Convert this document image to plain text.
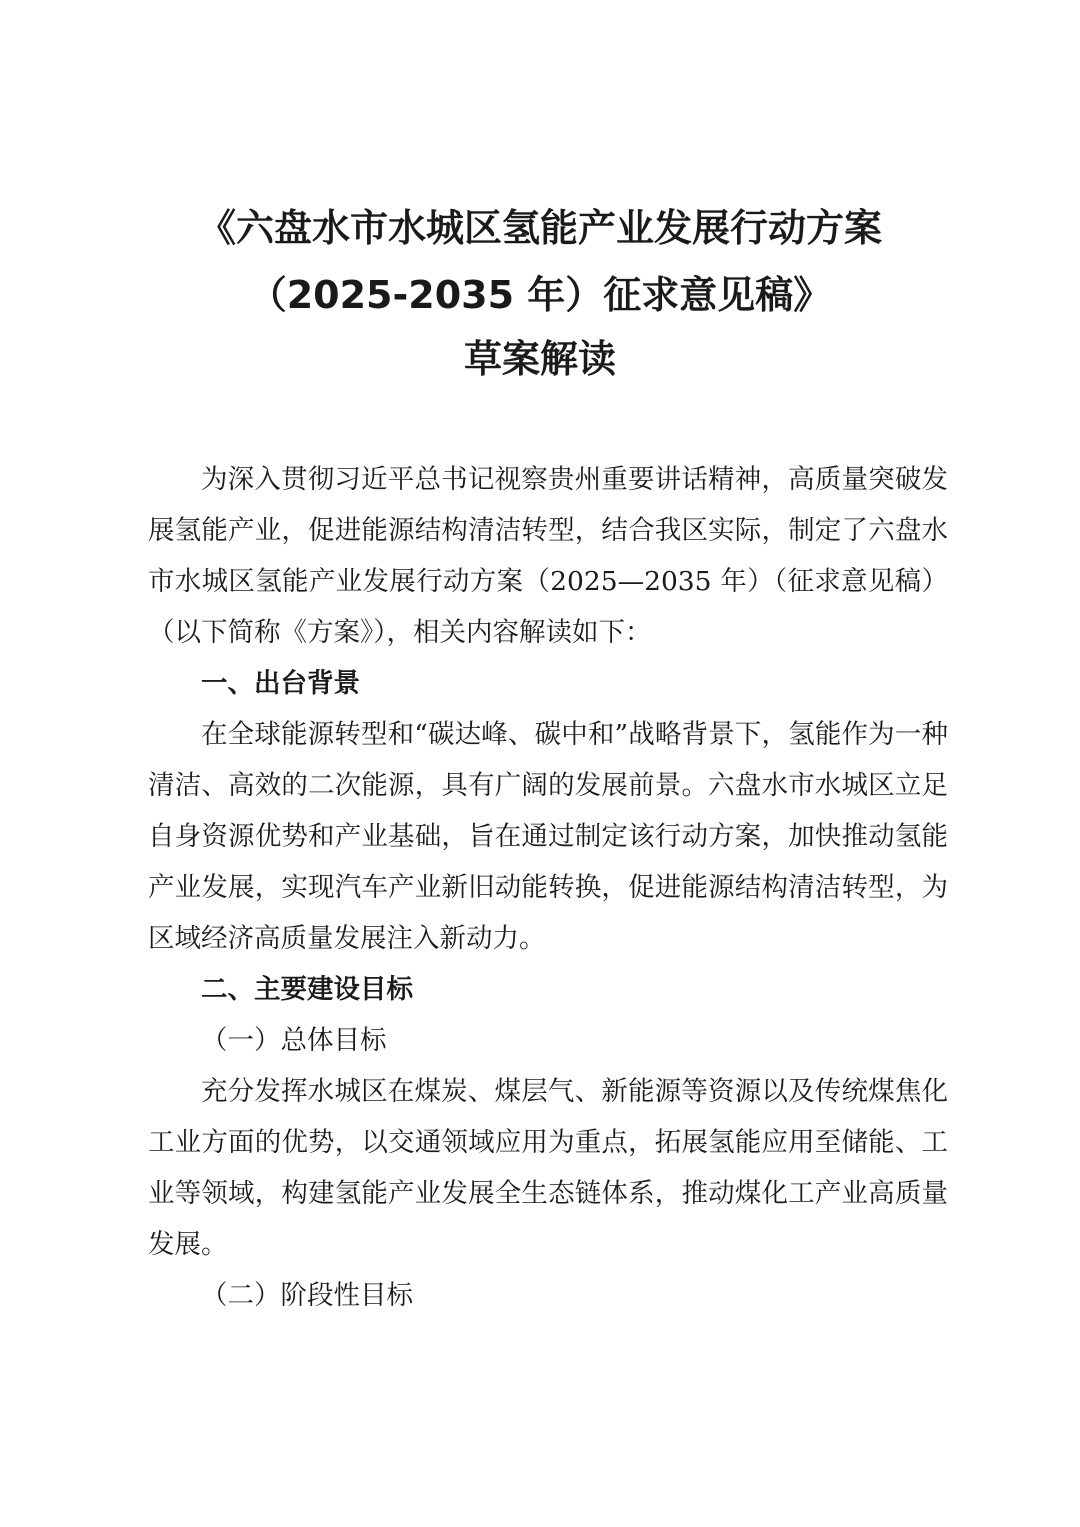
《六盘水市水城区氢能产业发展行动方案
（2025-2035 年）征求意见稿》
草案解读

为深入贯彻习近平总书记视察贵州重要讲话精神，高质量突破发展氢能产业，促进能源结构清洁转型，结合我区实际，制定了六盘水市水城区氢能产业发展行动方案（2025—2035 年）（征求意见稿）（以下简称《方案》），相关内容解读如下：

一、出台背景

在全球能源转型和“碳达峰、碳中和”战略背景下，氢能作为一种清洁、高效的二次能源，具有广阔的发展前景。六盘水市水城区立足自身资源优势和产业基础，旨在通过制定该行动方案，加快推动氢能产业发展，实现汽车产业新旧动能转换，促进能源结构清洁转型，为区域经济高质量发展注入新动力。

二、主要建设目标

（一）总体目标

充分发挥水城区在煤炭、煤层气、新能源等资源以及传统煤焦化工业方面的优势，以交通领域应用为重点，拓展氢能应用至储能、工业等领域，构建氢能产业发展全生态链体系，推动煤化工产业高质量发展。

（二）阶段性目标
